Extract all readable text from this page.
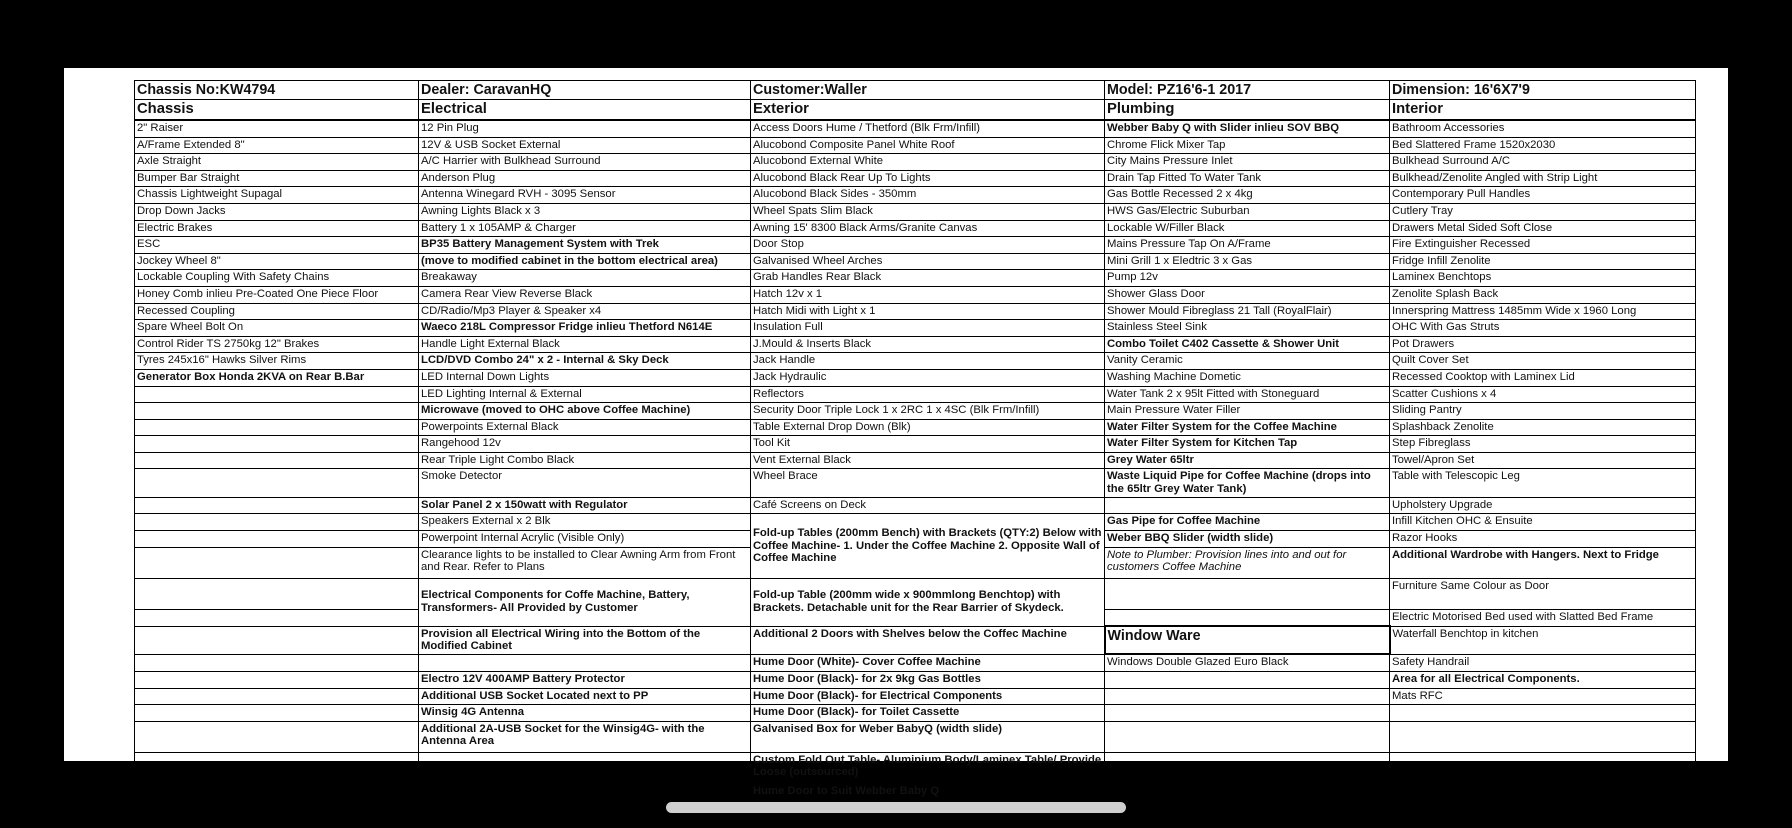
Chassis No:KW4794	Dealer: CaravanHQ	Customer:Waller	Model: PZ16'6-1 2017	Dimension: 16'6X7'9
Chassis	Electrical	Exterior	Plumbing	Interior
2" Raiser	12 Pin Plug	Access Doors Hume / Thetford (Blk Frm/Infill)	Webber Baby Q with Slider inlieu SOV BBQ	Bathroom Accessories
A/Frame Extended 8"	12V & USB Socket External	Alucobond Composite Panel White Roof	Chrome Flick Mixer Tap	Bed Slattered Frame 1520x2030
Axle Straight	A/C Harrier with Bulkhead Surround	Alucobond External White	City Mains Pressure Inlet	Bulkhead Surround A/C
Bumper Bar Straight	Anderson Plug	Alucobond Black Rear Up To Lights	Drain Tap Fitted To Water Tank	Bulkhead/Zenolite Angled with Strip Light
Chassis Lightweight Supagal	Antenna Winegard RVH - 3095 Sensor	Alucobond Black Sides - 350mm	Gas Bottle Recessed 2 x 4kg	Contemporary Pull Handles
Drop Down Jacks	Awning Lights Black x 3	Wheel Spats Slim Black	HWS Gas/Electric Suburban	Cutlery Tray
Electric Brakes	Battery 1 x 105AMP & Charger	Awning 15' 8300 Black Arms/Granite Canvas	Lockable W/Filler Black	Drawers Metal Sided Soft Close
ESC	BP35 Battery Management System with Trek	Door Stop	Mains Pressure Tap On A/Frame	Fire Extinguisher Recessed
Jockey Wheel 8"	(move to modified cabinet in the bottom electrical area)	Galvanised Wheel Arches	Mini Grill 1 x Eledtric 3 x Gas	Fridge Infill Zenolite
Lockable Coupling With Safety Chains	Breakaway	Grab Handles Rear Black	Pump 12v	Laminex Benchtops
Honey Comb inlieu Pre-Coated One Piece Floor	Camera Rear View Reverse Black	Hatch 12v x 1	Shower Glass Door	Zenolite Splash Back
Recessed Coupling	CD/Radio/Mp3 Player & Speaker x4	Hatch Midi with Light x 1	Shower Mould Fibreglass 21 Tall (RoyalFlair)	Innerspring Mattress 1485mm Wide x 1960 Long
Spare Wheel Bolt On	Waeco 218L Compressor Fridge inlieu Thetford N614E	Insulation Full	Stainless Steel Sink	OHC With Gas Struts
Control Rider TS 2750kg 12" Brakes	Handle Light External Black	J.Mould & Inserts Black	Combo Toilet C402 Cassette & Shower Unit	Pot Drawers
Tyres 245x16" Hawks Silver Rims	LCD/DVD Combo 24" x 2 - Internal & Sky Deck	Jack Handle	Vanity Ceramic	Quilt Cover Set
Generator Box Honda 2KVA on Rear B.Bar	LED Internal Down Lights	Jack Hydraulic	Washing Machine Dometic	Recessed Cooktop with Laminex Lid
	LED Lighting Internal & External	Reflectors	Water Tank 2 x 95lt Fitted with Stoneguard	Scatter Cushions x 4
	Microwave (moved to OHC above Coffee Machine)	Security Door Triple Lock 1 x 2RC 1 x 4SC (Blk Frm/Infill)	Main Pressure Water Filler	Sliding Pantry
	Powerpoints External Black	Table External Drop Down (Blk)	Water Filter System for the Coffee Machine	Splashback Zenolite
	Rangehood 12v	Tool Kit	Water Filter System for Kitchen Tap	Step Fibreglass
	Rear Triple Light Combo Black	Vent External Black	Grey Water 65ltr	Towel/Apron Set
	Smoke Detector	Wheel Brace	Waste Liquid Pipe for Coffee Machine (drops into the 65ltr Grey Water Tank)	Table with Telescopic Leg
	Solar Panel 2 x 150watt with Regulator	Café Screens on Deck		Upholstery Upgrade
	Speakers External x 2 Blk	Fold-up Tables (200mm Bench) with Brackets (QTY:2) Below with Coffee Machine- 1. Under the Coffee Machine 2. Opposite Wall of Coffee Machine	Gas Pipe for Coffee Machine	Infill Kitchen OHC & Ensuite
	Powerpoint Internal Acrylic (Visible Only)		Weber BBQ Slider (width slide)	Razor Hooks
	Clearance lights to be installed to Clear Awning Arm from Front and Rear. Refer to Plans		Note to Plumber: Provision lines into and out for customers Coffee Machine	Additional Wardrobe with Hangers. Next to Fridge
	Electrical Components for Coffe Machine, Battery, Transformers- All Provided by Customer	Fold-up Table (200mm wide x 900mmlong Benchtop) with Brackets. Detachable unit for the Rear Barrier of Skydeck.		Furniture Same Colour as Door
				Electric Motorised Bed used with Slatted Bed Frame
	Provision all Electrical Wiring into the Bottom of the Modified Cabinet	Additional 2 Doors with Shelves below the Coffec Machine	Window Ware	Waterfall Benchtop in kitchen
		Hume Door (White)- Cover Coffee Machine	Windows Double Glazed Euro Black	Safety Handrail
	Electro 12V 400AMP Battery Protector	Hume Door (Black)- for 2x 9kg Gas Bottles		Area for all Electrical Components.
	Additional USB Socket Located next to PP	Hume Door (Black)- for Electrical Components		Mats RFC
	Winsig 4G Antenna	Hume Door (Black)- for Toilet Cassette		
	Additional 2A-USB Socket for the Winsig4G- with the Antenna Area	Galvanised Box for Weber BabyQ (width slide)		
		Custom Fold Out Table- Aluminium Body/Laminex Table/ Provide Loose (outsourced)		
		Hume Door to Suit Webber Baby Q		
